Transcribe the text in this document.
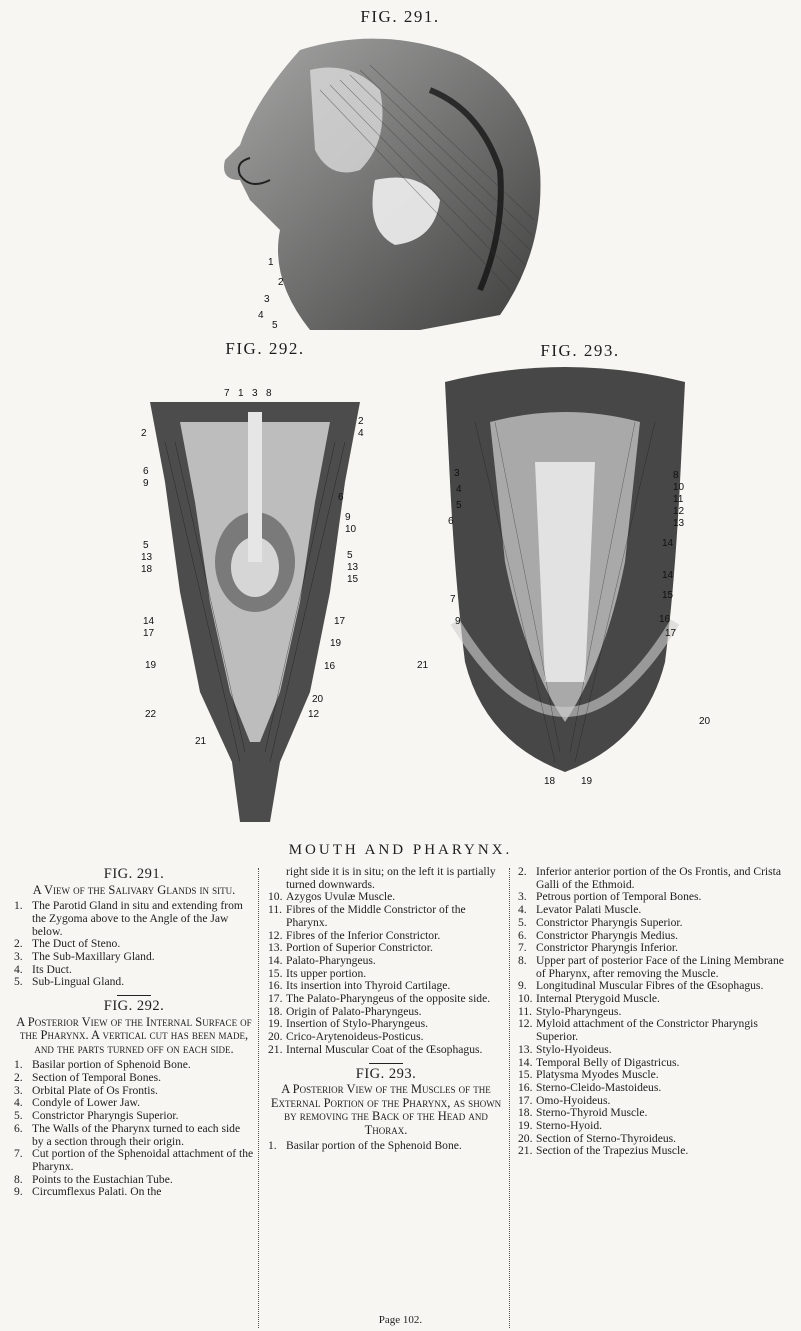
FIG. 291.
1
2
3
4
5
FIG. 292.	FIG. 293.
7 1 3 8
2
6
9
5
13
18
14
17
19
22
21
2
4
6
9
10
5
13
15
17
19
16
20
12
3
4
5
6
7
9
21
8
10
11
12
13
14
14
15
16
17
20
18	19
MOUTH AND PHARYNX.
FIG. 291.
A View of the Salivary Glands in situ.
1. The Parotid Gland in situ and extending from the Zygoma above to the Angle of the Jaw below.
2. The Duct of Steno.
3. The Sub-Maxillary Gland.
4. Its Duct.
5. Sub-Lingual Gland.
FIG. 292.
A Posterior View of the Internal Surface of the Pharynx. A vertical cut has been made, and the parts turned off on each side.
1. Basilar portion of Sphenoid Bone.
2. Section of Temporal Bones.
3. Orbital Plate of Os Frontis.
4. Condyle of Lower Jaw.
5. Constrictor Pharyngis Superior.
6. The Walls of the Pharynx turned to each side by a section through their origin.
7. Cut portion of the Sphenoidal attachment of the Pharynx.
8. Points to the Eustachian Tube.
9. Circumflexus Palati. On the
right side it is in situ; on the left it is partially turned downwards.
10. Azygos Uvulæ Muscle.
11. Fibres of the Middle Constrictor of the Pharynx.
12. Fibres of the Inferior Constrictor.
13. Portion of Superior Constrictor.
14. Palato-Pharyngeus.
15. Its upper portion.
16. Its insertion into Thyroid Cartilage.
17. The Palato-Pharyngeus of the opposite side.
18. Origin of Palato-Pharyngeus.
19. Insertion of Stylo-Pharyngeus.
20. Crico-Arytenoideus-Posticus.
21. Internal Muscular Coat of the Œsophagus.
FIG. 293.
A Posterior View of the Muscles of the External Portion of the Pharynx, as shown by removing the Back of the Head and Thorax.
1. Basilar portion of the Sphenoid Bone.
2. Inferior anterior portion of the Os Frontis, and Crista Galli of the Ethmoid.
3. Petrous portion of Temporal Bones.
4. Levator Palati Muscle.
5. Constrictor Pharyngis Superior.
6. Constrictor Pharyngis Medius.
7. Constrictor Pharyngis Inferior.
8. Upper part of posterior Face of the Lining Membrane of Pharynx, after removing the Muscle.
9. Longitudinal Muscular Fibres of the Œsophagus.
10. Internal Pterygoid Muscle.
11. Stylo-Pharyngeus.
12. Myloid attachment of the Constrictor Pharyngis Superior.
13. Stylo-Hyoideus.
14. Temporal Belly of Digastricus.
15. Platysma Myodes Muscle.
16. Sterno-Cleido-Mastoideus.
17. Omo-Hyoideus.
18. Sterno-Thyroid Muscle.
19. Sterno-Hyoid.
20. Section of Sterno-Thyroideus.
21. Section of the Trapezius Muscle.
Page 102.
